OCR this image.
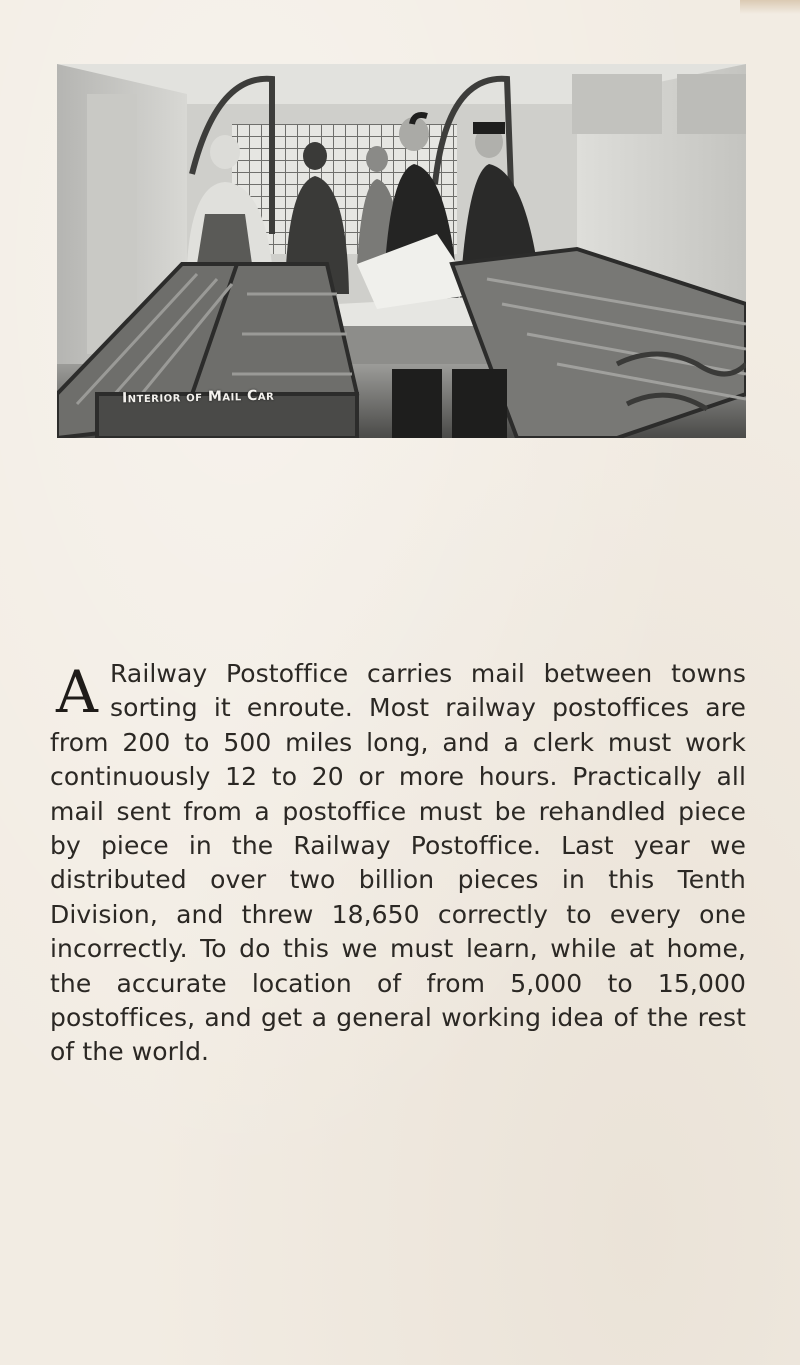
Interior of Mail Car
A Railway Postoffice carries mail between towns sorting it enroute. Most railway postoffices are from 200 to 500 miles long, and a clerk must work continuously 12 to 20 or more hours. Practically all mail sent from a postoffice must be rehandled piece by piece in the Railway Postoffice. Last year we distributed over two billion pieces in this Tenth Division, and threw 18,650 correctly to every one incorrectly. To do this we must learn, while at home, the accurate location of from 5,000 to 15,000 postoffices, and get a general working idea of the rest of the world.
